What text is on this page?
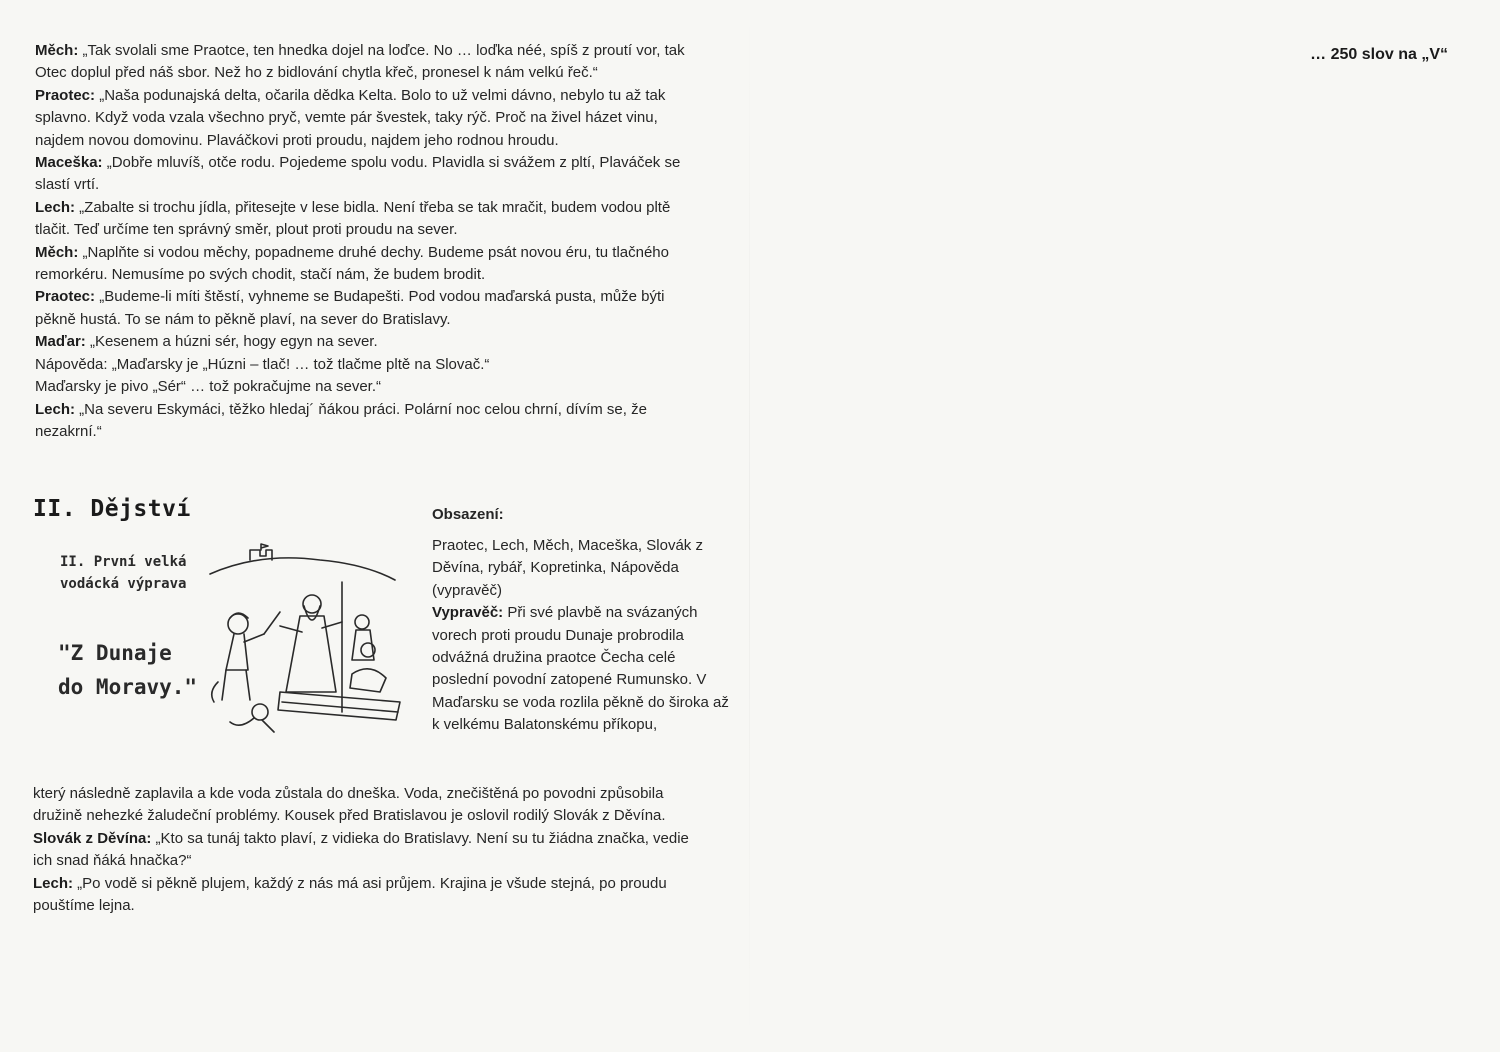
Měch: „Tak svolali sme Praotce, ten hnedka dojel na loďce. No … loďka néé, spíš z proutí vor, tak Otec doplul před náš sbor. Než ho z bidlování chytla křeč, pronesel k nám velkú řeč.“
Praotec: „Naša podunajská delta, očarila dědka Kelta. Bolo to už velmi dávno, nebylo tu až tak splavno. Když voda vzala všechno pryč, vemte pár švestek, taky rýč. Proč na živel házet vinu, najdem novou domovinu. Plaváčkovi proti proudu, najdem jeho rodnou hroudu.
Maceška: „Dobře mluvíš, otče rodu. Pojedeme spolu vodu. Plavidla si svážem z pltí, Plaváček se slastí vrtí.
Lech: „Zabalte si trochu jídla, přitesejte v lese bidla. Není třeba se tak mračit, budem vodou pltě tlačit. Teď určíme ten správný směr, plout proti proudu na sever.
Měch: „Naplňte si vodou měchy, popadneme druhé dechy. Budeme psát novou éru, tu tlačného remorkéru. Nemusíme po svých chodit, stačí nám, že budem brodit.
Praotec: „Budeme-li míti štěstí, vyhneme se Budapešti. Pod vodou maďarská pusta, může býti pěkně hustá. To se nám to pěkně plaví, na sever do Bratislavy.
Maďar: „Kesenem a húzni sér, hogy egyn na sever.
Nápověda: „Maďarsky je „Húzni – tlač! … tož tlačme pltě na Slovač.“
Maďarsky je pivo „Sér“ … tož pokračujme na sever.“
Lech: „Na severu Eskymáci, těžko hledaj´ ňákou práci. Polární noc celou chrní, dívím se, že nezakrní.“
II. Dějství
II. První velká
vodácká výprava
"Z Dunaje
do Moravy."
Obsazení:
Praotec, Lech, Měch, Maceška, Slovák z Děvína, rybář, Kopretinka, Nápověda (vypravěč)
Vypravěč: Při své plavbě na svázaných vorech proti proudu Dunaje probrodila odvážná družina praotce Čecha celé poslední povodní zatopené Rumunsko. V Maďarsku se voda rozlila pěkně do široka až k velkému Balatonskému příkopu,
který následně zaplavila a kde voda zůstala do dneška. Voda, znečištěná po povodni způsobila družině nehezké žaludeční problémy. Kousek před Bratislavou je oslovil rodilý Slovák z Děvína.
Slovák z Děvína: „Kto sa tunáj takto plaví, z vidieka do Bratislavy. Není su tu žiádna značka, vedie ich snad ňáká hnačka?“
Lech: „Po vodě si pěkně plujem, každý z nás má asi průjem. Krajina je všude stejná, po proudu pouštíme lejna.
… 250 slov na „V“
